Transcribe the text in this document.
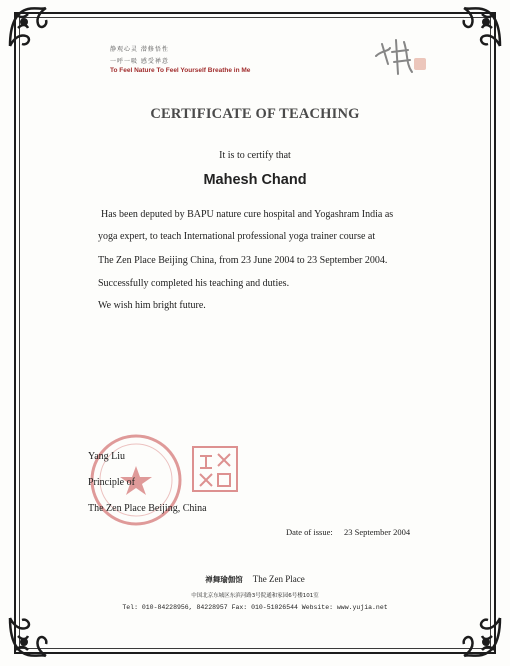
静观心灵 潜修悟性
一呼一吸 感受禅意
To Feel Nature To Feel Yourself Breathe in Me
CERTIFICATE OF TEACHING
It is to certify that
Mahesh Chand
Has been deputed by BAPU nature cure hospital and Yogashram India as
yoga expert, to teach International professional yoga trainer course at
The Zen Place Beijing China, from 23 June 2004 to 23 September 2004.
Successfully completed his teaching and duties.
We wish him bright future.
Yang Liu
Principle of
The Zen Place Beijing, China
Date of issue: 23 September 2004
禅舞瑜伽馆 The Zen Place
中国北京东城区东滨河路3号院通和家园6号楼101室
Tel: 010-84228956, 84228957 Fax: 010-51026544 Website: www.yujia.net
